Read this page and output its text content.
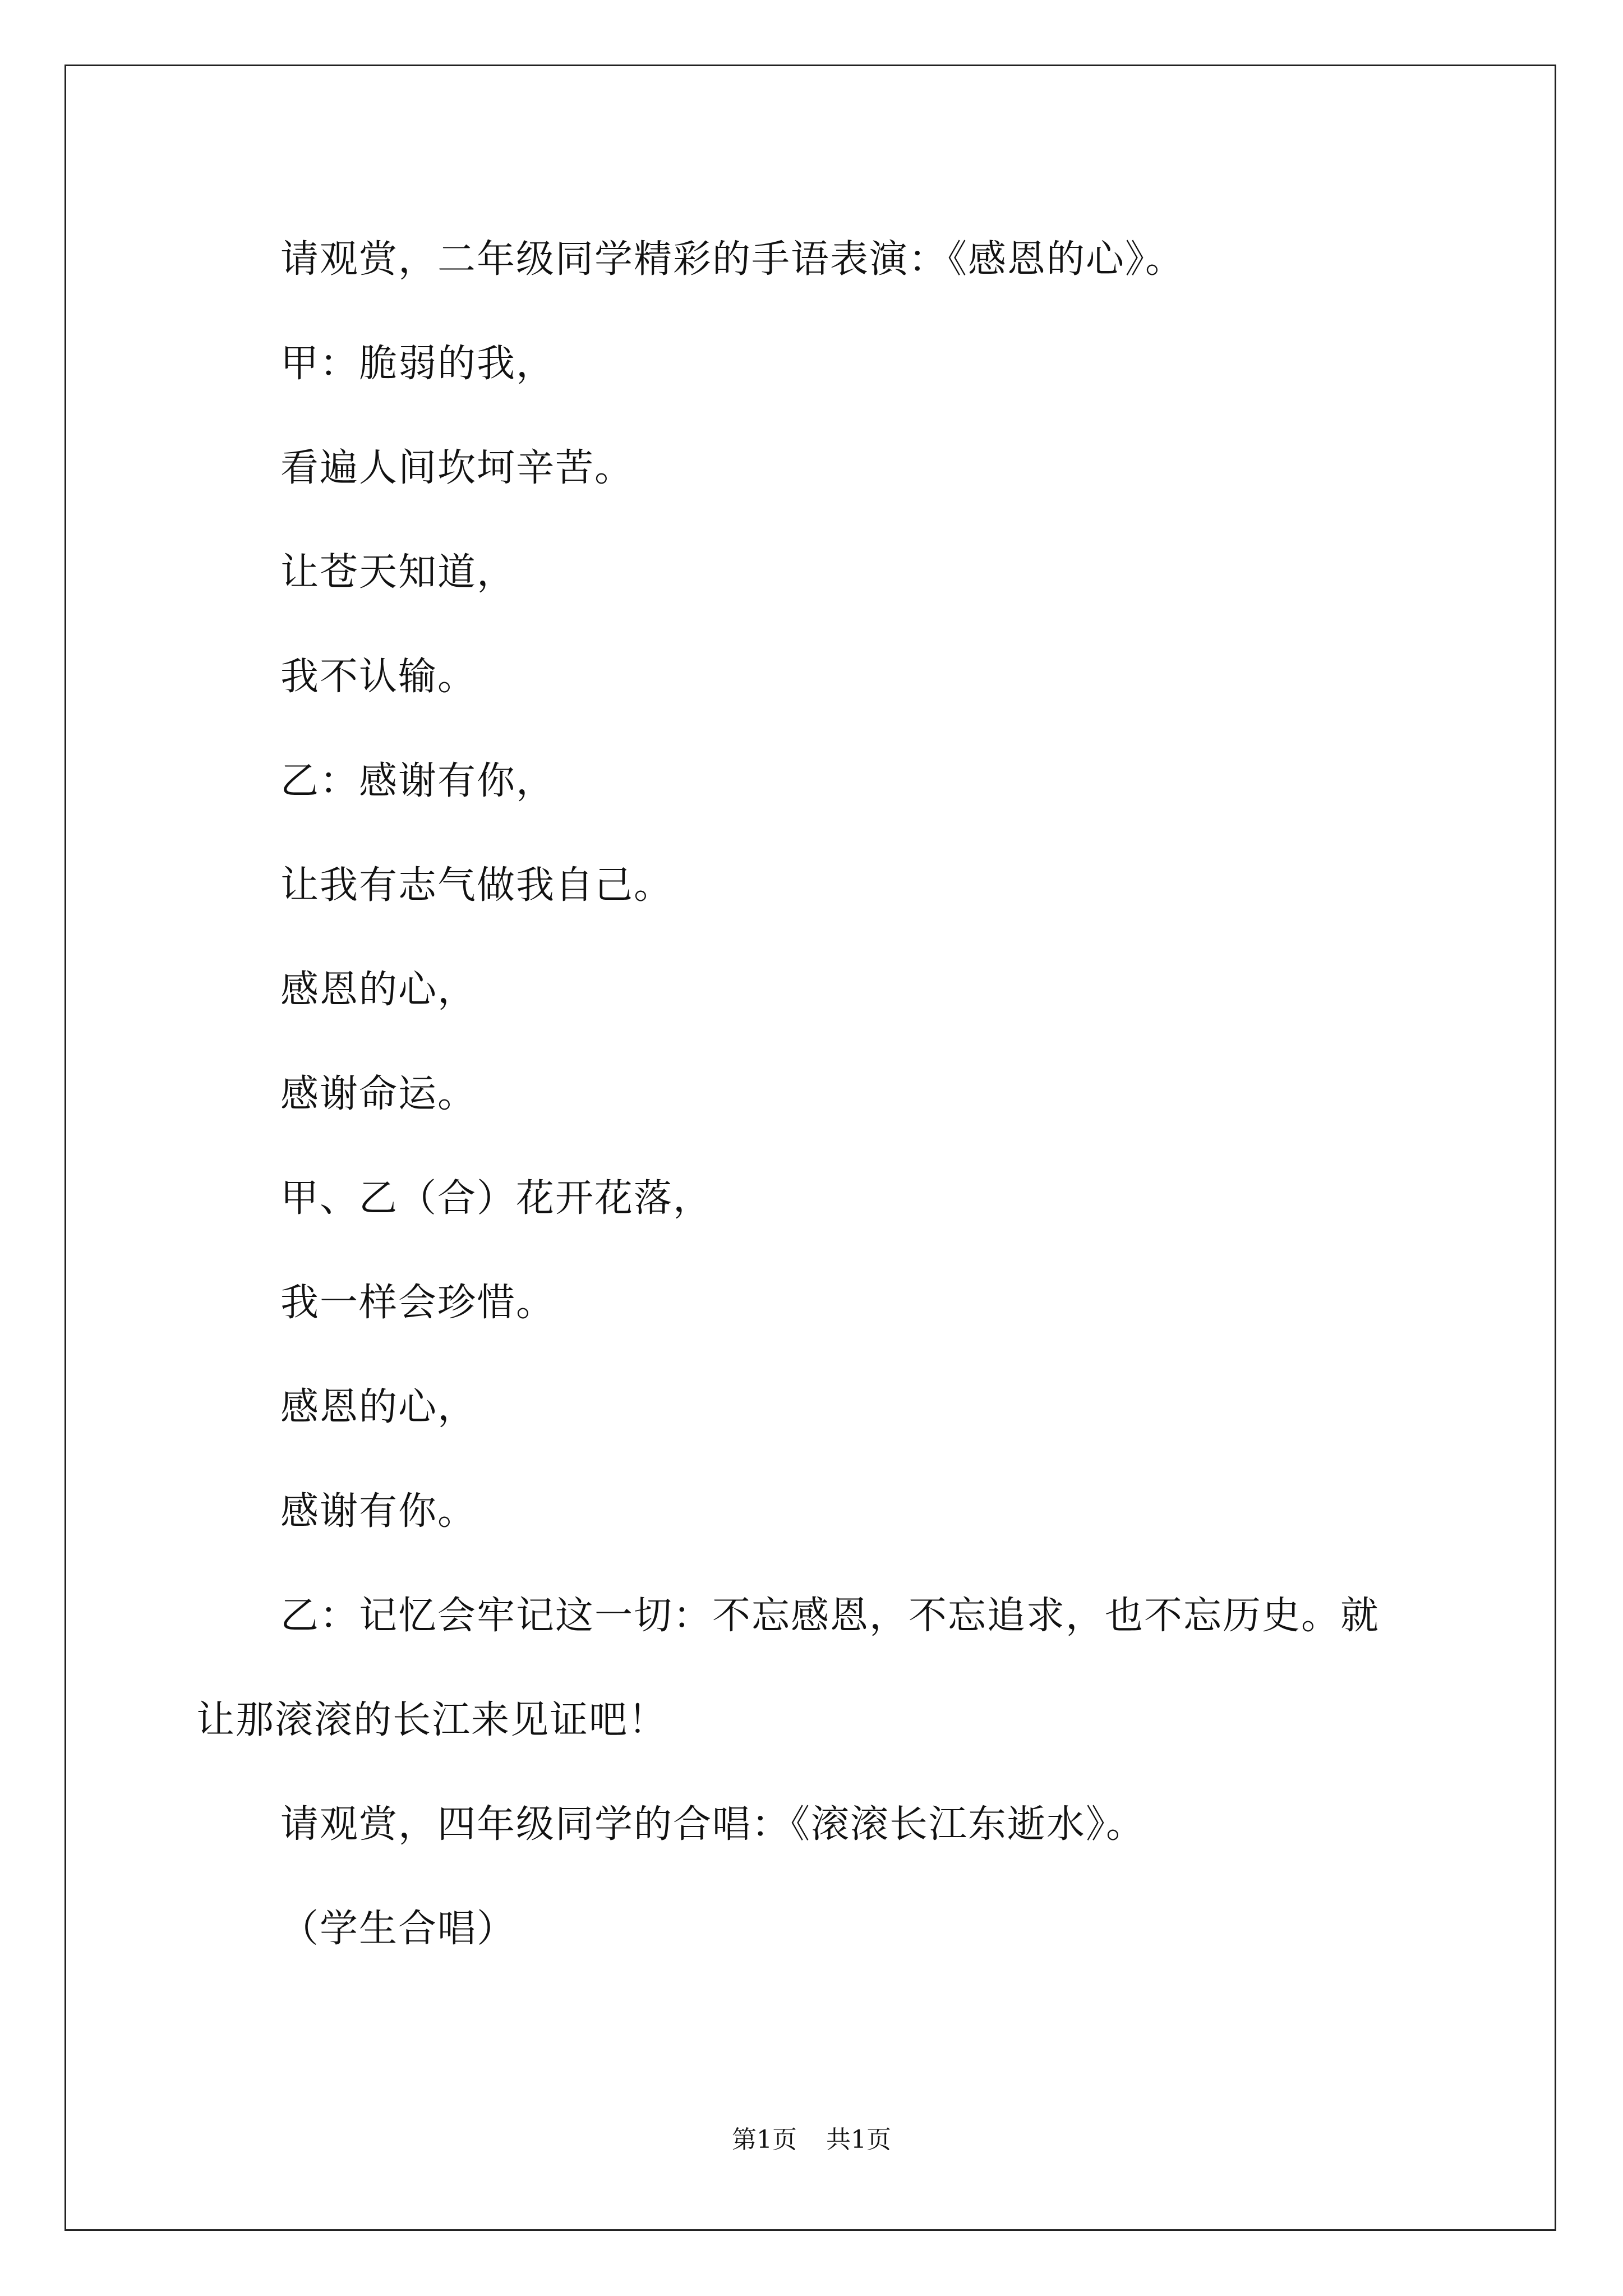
请观赏，二年级同学精彩的手语表演：《感恩的心》。

甲：脆弱的我，

看遍人间坎坷辛苦。

让苍天知道，

我不认输。

乙：感谢有你，

让我有志气做我自己。

感恩的心，

感谢命运。

甲、乙（合）花开花落，

我一样会珍惜。

感恩的心，

感谢有你。

乙：记忆会牢记这一切：不忘感恩，不忘追求，也不忘历史。就

让那滚滚的长江来见证吧！

请观赏，四年级同学的合唱：《滚滚长江东逝水》。

（学生合唱）

第1页 共1页
